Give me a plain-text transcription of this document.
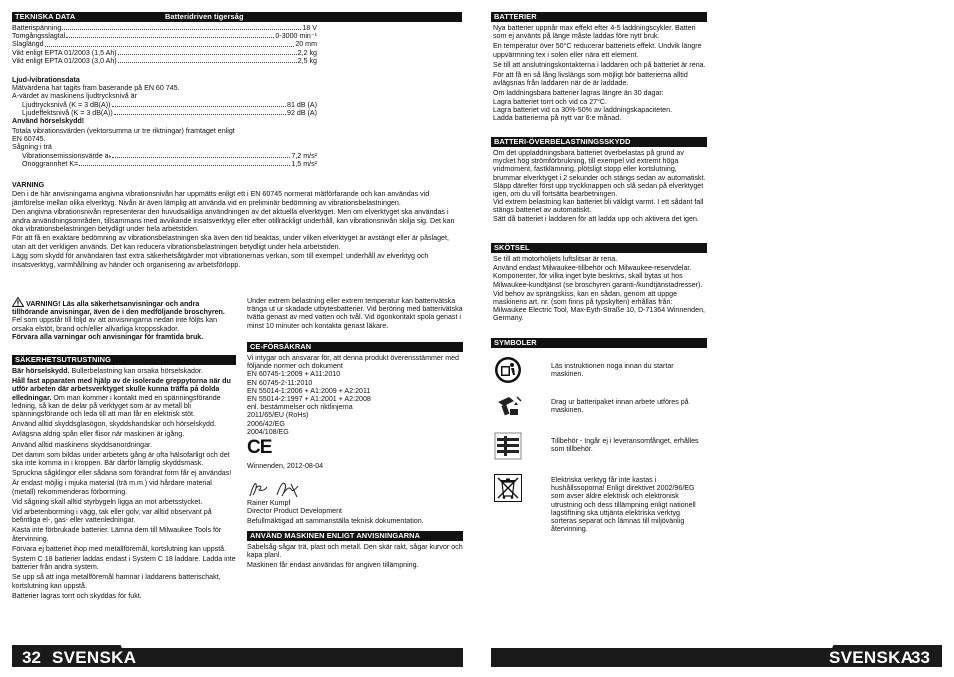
TEKNISKA DATA	Batteridriven tigersåg
Batterispänning	18 V
Tomgångsslagtal	0-3000 min⁻¹
Slaglängd	20 mm
Vikt enligt EPTA 01/2003 (1,5 Ah)	2,2 kg
Vikt enligt EPTA 01/2003 (3,0 Ah)	2,5 kg
Ljud-/vibrationsdata
Mätvärdena har tagits fram baserande på EN 60 745.
A-värdet av maskinens ljudtrycksnivå är
Ljudtrycksnivå (K = 3 dB(A))	81 dB (A)
Ljudeffektsnivå (K = 3 dB(A))	92 dB (A)
Använd hörselskydd!
Totala vibrationsvärden (vektorsumma ur tre riktningar) framtaget enligt EN 60745.
Sågning i trä
Vibrationsemissionsvärde aₕ	7,2 m/s²
Onoggrannhet K=	1,5 m/s²
VARNING

Den i de här anvisningarna angivna vibrationsnivån har uppmätts enligt ett i EN 60745 normerat mätförfarande och kan användas vid jämförelse mellan olika elverktyg. Nivån är även lämplig att använda vid en preliminär bedömning av vibrationsbelastningen.

Den angivna vibrationsnivån representerar den huvudsakliga användningen av det aktuella elverktyget. Men om elverktyget ska användas i andra användningsområden, tillsammans med avvikande insatsverktyg eller efter otillräckligt underhåll, kan vibrationsnivån skilja sig. Det kan öka vibrationsbelastningen betydligt under hela arbetstiden.

För att få en exaktare bedömning av vibrationsbelastningen ska även den tid beaktas, under vilken elverktyget är avstängt eller är påslaget, utan att det verkligen används. Det kan reducera vibrationsbelastningen betydligt under hela arbetstiden.

Lägg som skydd för användaren fast extra säkerhetsåtgärder mot vibrationernas verkan, som till exempel: underhåll av elverktyg och insatsverktyg, varmhållning av händer och organisering av arbetsförlopp.

VARNING! Läs alla säkerhetsanvisningar och andra tillhörande anvisningar, även de i den medföljande broschyren. Fel som uppstår till följd av att anvisningarna nedan inte följts kan orsaka elstöt, brand och/eller allvarliga kroppsskador.
Förvara alla varningar och anvisningar för framtida bruk.
SÄKERHETSUTRUSTNING

Bär hörselskydd. Bullerbelastning kan orsaka hörselskador.

Håll fast apparaten med hjälp av de isolerade greppytorna när du utför arbeten där arbetsverktyget skulle kunna träffa på dolda elledningar. Om man kommer i kontakt med en spänningsförande ledning, så kan de delar på verktyget som är av metall bli spänningsförande och leda till att man får en elektrisk stöt.

Använd alltid skyddsglasögon, skyddshandskar och hörselskydd.

Avlägsna aldrig spån eller flisor när maskinen är igång.

Använd alltid maskinens skyddsanordningar.

Det damm som bildas under arbetets gång är ofta hälsofarligt och det ska inte komma in i kroppen. Bär därför lämplig skyddsmask.

Spruckna sågklingor eller sådana som förändrat form får ej användas!

Är endast möjlig i mjuka material (trä m.m.) vid hårdare material (metall) rekommenderas förborrning.

Vid sågning skall alltid styrbygeln ligga an mot arbetsstycket.

Vid arbetenborrning i vägg, tak eller golv, var alltid observant på befintliga el-, gas- eller vattenledningar.

Kasta inte förbrukade batterier. Lämna dem till Milwaukee Tools för återvinning.

Förvara ej batteriet ihop med metallföremål, kortslutning kan uppstå.

System C 18 batterier laddas endast i System C 18 laddare. Ladda inte batterier från andra system.

Se upp så att inga metallföremål hamnar i laddarens batterischakt, kortslutning kan uppstå.

Batterier lagras torrt och skyddas för fukt.

Under extrem belastning eller extrem temperatur kan batterivätska tränga ut ur skadade utbytesbatterier. Vid beröring med batterivätska tvätta genast av med vatten och tvål. Vid ögonkontakt spola genast i minst 10 minuter och kontakta genast läkare.

CE-FÖRSÄKRAN
Vi intygar och ansvarar för, att denna produkt överensstämmer med följande normer och dokument
EN 60745-1:2009 + A11:2010
EN 60745-2-11:2010
EN 55014-1:2006 + A1:2009 + A2:2011
EN 55014-2:1997 + A1:2001 + A2:2008
enl. bestämmelser och riktlinjerna
2011/65/EU (RoHs)
2006/42/EG
2004/108/EG
CE
Winnenden, 2012-08-04
Rainer Kumpf
Director Product Development
Befullmäktigad att sammanställa teknisk dokumentation.
ANVÄND MASKINEN ENLIGT ANVISNINGARNA
Sabelsåg sågar trä, plast och metall. Den skär rakt, sågar kurvor och kapa planl.
Maskinen får endast användas för angiven tillämpning.
32 SVENSKA
BATTERIER

Nya batterier uppnår max effekt efter 4-5 laddningscykler. Batteri som ej använts på länge måste laddas före nytt bruk.

En temperatur över 50°C reducerar batteriets effekt. Undvik längre uppvärmning tex i solen eller nära ett element.

Se till att anslutningskontakterna i laddaren och på batteriet är rena.

För att få en så lång livslängs som möjligt bör batterierna alltid avlägsnas från laddaren när de är laddade.

Om laddningsbara batterier lagras längre än 30 dagar:
Lagra batteriet torrt och vid ca 27°C.
Lagra batteriet vid ca 30%-50% av laddningskapaciteten.
Ladda batterierna på nytt var 6:e månad.

BATTERI-ÖVERBELASTNINGSSKYDD

Om det uppladdningsbara batteriet överbelastas på grund av mycket hög strömförbrukning, till exempel vid extremt höga vridmoment, fastklämning, plötsligt stopp eller kortslutning, brummar elverktyget i 2 sekunder och stängs sedan av automatiskt.

Släpp därefter först upp tryckknappen och slå sedan på elverktyget igen, om du vill fortsätta bearbetningen.

Vid extrem belastning kan batteriet bli väldigt varmt. I ett sådant fall stängs batteriet av automatiskt.

Sätt då batteriet i laddaren för att ladda upp och aktivera det igen.

SKÖTSEL

Se till att motorhöljets luftslitsar är rena.

Använd endast Milwaukee-tillbehör och Milwaukee-reservdelar. Komponenter, för vilka inget byte beskrivs, skall bytas ut hos Milwaukee-kundtjänst (se broschyren garanti-/kundtjänstadresser).

Vid behov av sprängskiss, kan en sådan, genom att uppge maskinens art. nr. (som finns på typskylten) erhållas från: Milwaukee Electric Tool, Max-Eyth-Straße 10, D-71364 Winnenden, Germany.

SYMBOLER
Läs instruktionen noga innan du startar maskinen.
Drag ur batteripaket innan arbete utföres på maskinen.
Tillbehör - Ingår ej i leveransomfånget, erhålles som tillbehör.
Elektriska verktyg får inte kastas i hushållssoporna! Enligt direktivet 2002/96/EG som avser äldre elektrisk och elektronisk utrustning och dess tillämpning enligt nationell lagstiftning ska uttjänta elektriska verktyg sorteras separat och lämnas till miljövänlig återvinning.
SVENSKA
33
